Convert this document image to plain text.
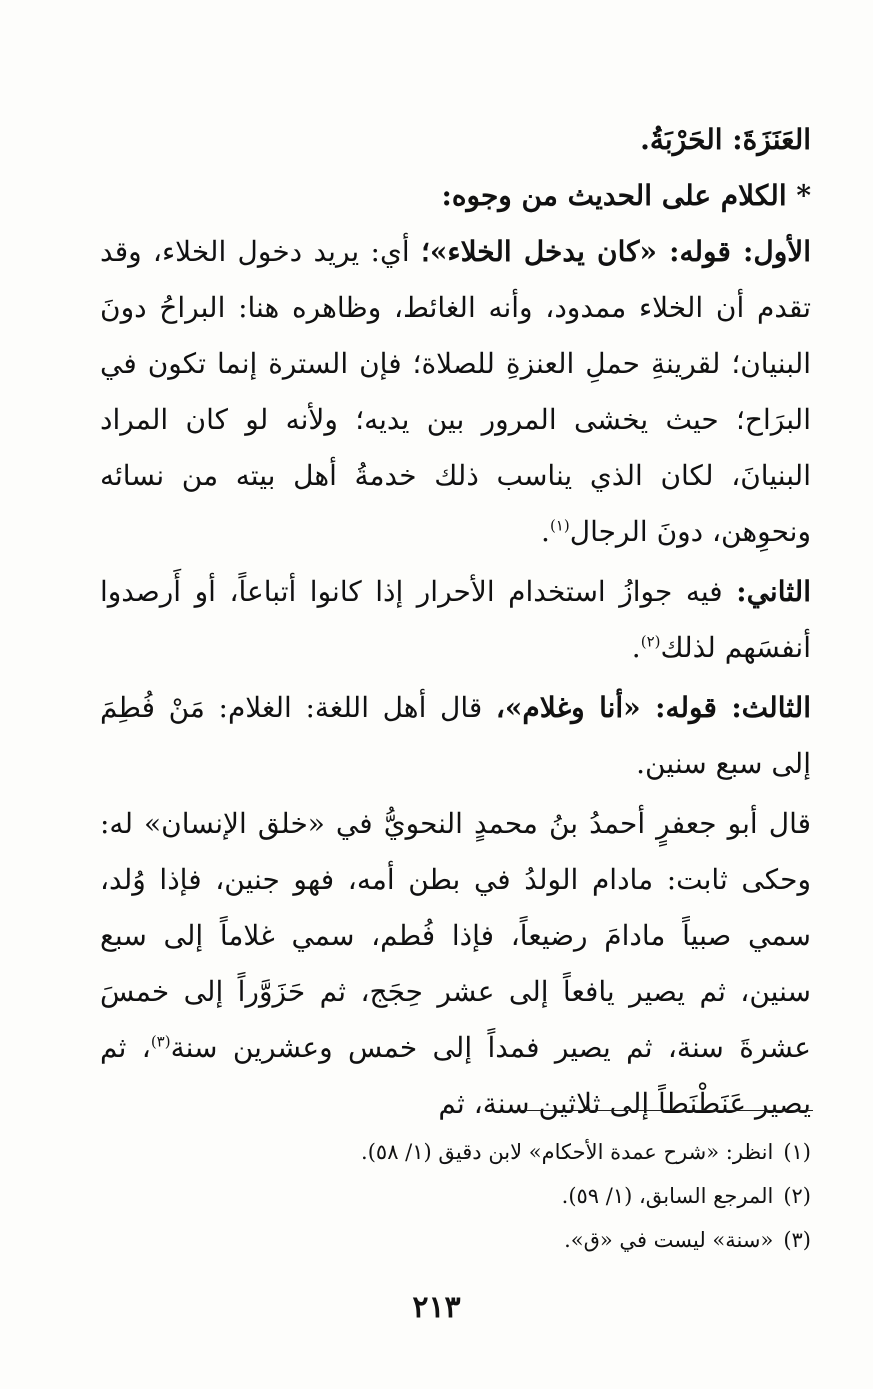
العَنَزَةَ: الحَرْبَةُ.

* الكلام على الحديث من وجوه:

الأول: قوله: «كان يدخل الخلاء»؛ أي: يريد دخول الخلاء، وقد تقدم أن الخلاء ممدود، وأنه الغائط، وظاهره هنا: البراحُ دونَ البنيان؛ لقرينةِ حملِ العنزةِ للصلاة؛ فإن السترة إنما تكون في البرَاح؛ حيث يخشى المرور بين يديه؛ ولأنه لو كان المراد البنيانَ، لكان الذي يناسب ذلك خدمةُ أهل بيته من نسائه ونحوِهن، دونَ الرجال$^{(١)}$.

الثاني: فيه جوازُ استخدام الأحرار إذا كانوا أتباعاً، أو أَرصدوا أنفسَهم لذلك$^{(٢)}$.

الثالث: قوله: «أنا وغلام»، قال أهل اللغة: الغلام: مَنْ فُطِمَ إلى سبع سنين.

قال أبو جعفرٍ أحمدُ بنُ محمدٍ النحويُّ في «خلق الإنسان» له: وحكى ثابت: مادام الولدُ في بطن أمه، فهو جنين، فإذا وُلد، سمي صبياً مادامَ رضيعاً، فإذا فُطم، سمي غلاماً إلى سبع سنين، ثم يصير يافعاً إلى عشر حِجَج، ثم حَزَوَّراً إلى خمسَ عشرةَ سنة، ثم يصير فمداً إلى خمس وعشرين سنة$^{(٣)}$، ثم يصير عَنَطْنَطاً إلى ثلاثين سنة، ثم

(١)انظر: «شرح عمدة الأحكام» لابن دقيق (١/ ٥٨).

(٢)المرجع السابق، (١/ ٥٩).

(٣)«سنة» ليست في «ق».

٢١٣
